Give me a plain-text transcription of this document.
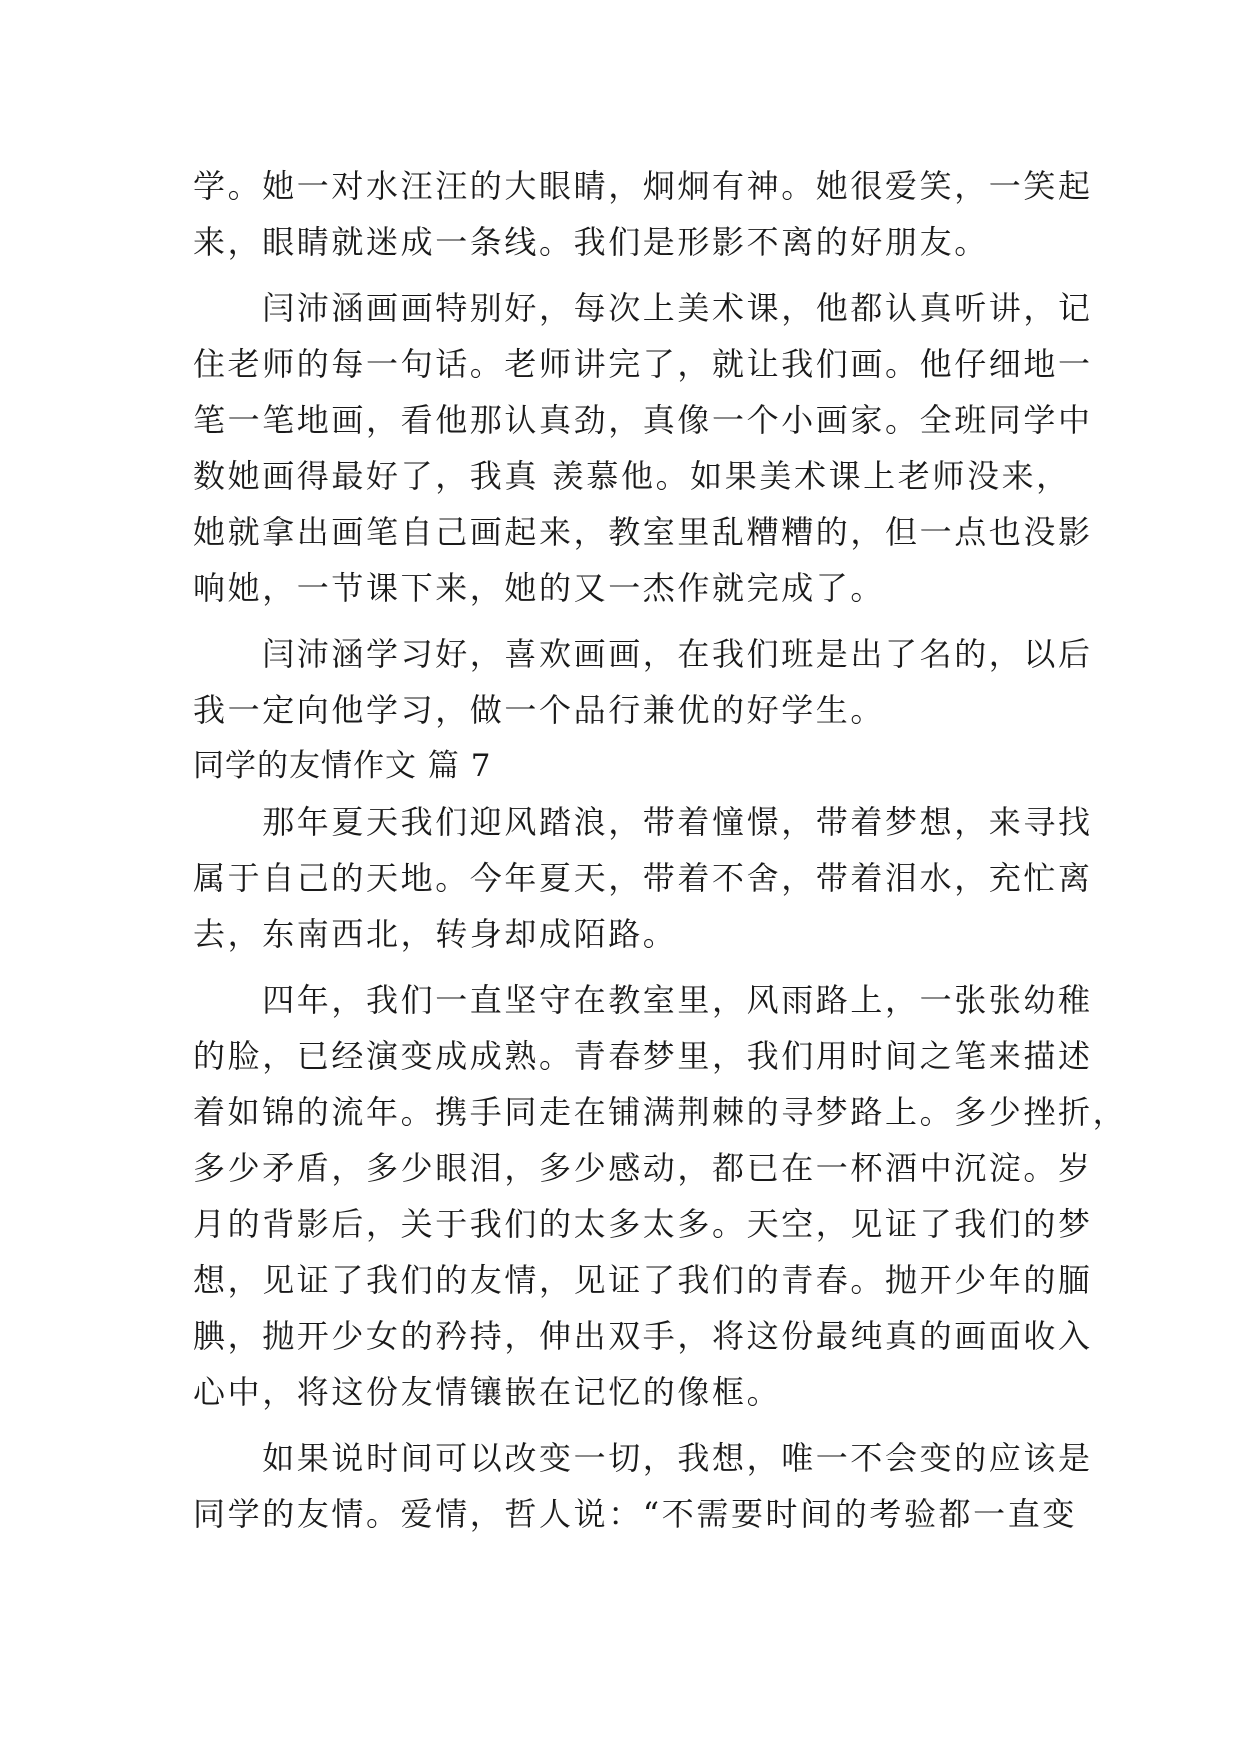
学。她一对水汪汪的大眼睛，炯炯有神。她很爱笑，一笑起
来，眼睛就迷成一条线。我们是形影不离的好朋友。
　　闫沛涵画画特别好，每次上美术课，他都认真听讲，记
住老师的每一句话。老师讲完了，就让我们画。他仔细地一
笔一笔地画，看他那认真劲，真像一个小画家。全班同学中
数她画得最好了，我真 羡慕他。如果美术课上老师没来，
她就拿出画笔自己画起来，教室里乱糟糟的，但一点也没影
响她，一节课下来，她的又一杰作就完成了。
　　闫沛涵学习好，喜欢画画，在我们班是出了名的，以后
我一定向他学习，做一个品行兼优的好学生。
同学的友情作文 篇 7
　　那年夏天我们迎风踏浪，带着憧憬，带着梦想，来寻找
属于自己的天地。今年夏天，带着不舍，带着泪水，充忙离
去，东南西北，转身却成陌路。
　　四年，我们一直坚守在教室里，风雨路上，一张张幼稚
的脸，已经演变成成熟。青春梦里，我们用时间之笔来描述
着如锦的流年。携手同走在铺满荆棘的寻梦路上。多少挫折，
多少矛盾，多少眼泪，多少感动，都已在一杯酒中沉淀。岁
月的背影后，关于我们的太多太多。天空，见证了我们的梦
想，见证了我们的友情，见证了我们的青春。抛开少年的腼
腆，抛开少女的矜持，伸出双手，将这份最纯真的画面收入
心中，将这份友情镶嵌在记忆的像框。
　　如果说时间可以改变一切，我想，唯一不会变的应该是
同学的友情。爱情，哲人说：“不需要时间的考验都一直变
